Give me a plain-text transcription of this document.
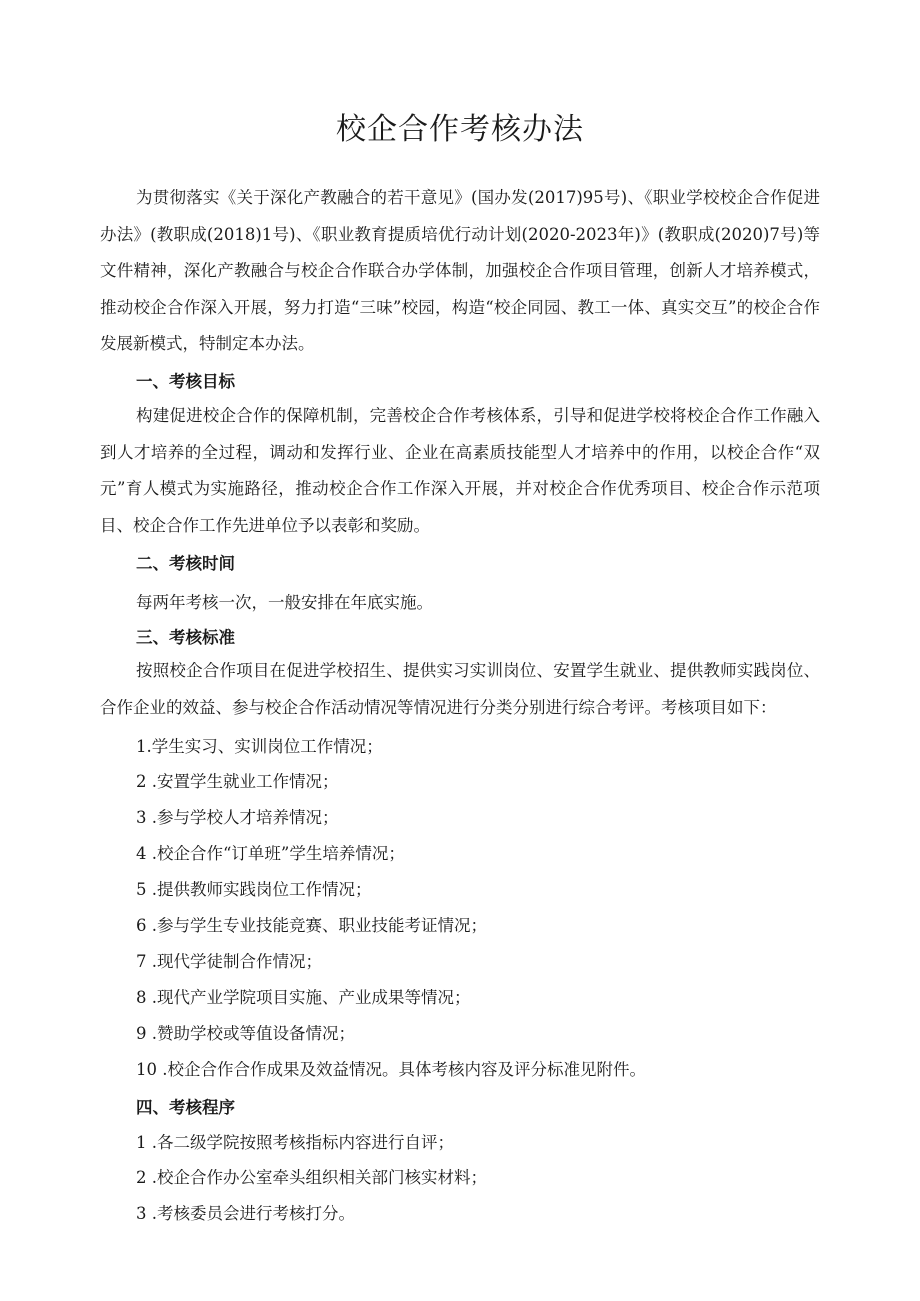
校企合作考核办法

为贯彻落实《关于深化产教融合的若干意见》(国办发(2017)95号)、《职业学校校企合作促进办法》(教职成(2018)1号)、《职业教育提质培优行动计划(2020-2023年)》(教职成(2020)7号)等文件精神，深化产教融合与校企合作联合办学体制，加强校企合作项目管理，创新人才培养模式，推动校企合作深入开展，努力打造“三味”校园，构造“校企同园、教工一体、真实交互”的校企合作发展新模式，特制定本办法。

一、考核目标

构建促进校企合作的保障机制，完善校企合作考核体系，引导和促进学校将校企合作工作融入到人才培养的全过程，调动和发挥行业、企业在高素质技能型人才培养中的作用，以校企合作“双元”育人模式为实施路径，推动校企合作工作深入开展，并对校企合作优秀项目、校企合作示范项目、校企合作工作先进单位予以表彰和奖励。

二、考核时间

每两年考核一次，一般安排在年底实施。

三、考核标准

按照校企合作项目在促进学校招生、提供实习实训岗位、安置学生就业、提供教师实践岗位、合作企业的效益、参与校企合作活动情况等情况进行分类分别进行综合考评。考核项目如下：

1.学生实习、实训岗位工作情况；

2 .安置学生就业工作情况；

3 .参与学校人才培养情况；

4 .校企合作“订单班”学生培养情况；

5 .提供教师实践岗位工作情况；

6 .参与学生专业技能竞赛、职业技能考证情况；

7 .现代学徒制合作情况；

8 .现代产业学院项目实施、产业成果等情况；

9 .赞助学校或等值设备情况；

10 .校企合作合作成果及效益情况。具体考核内容及评分标准见附件。

四、考核程序

1 .各二级学院按照考核指标内容进行自评；

2 .校企合作办公室牵头组织相关部门核实材料；

3 .考核委员会进行考核打分。
